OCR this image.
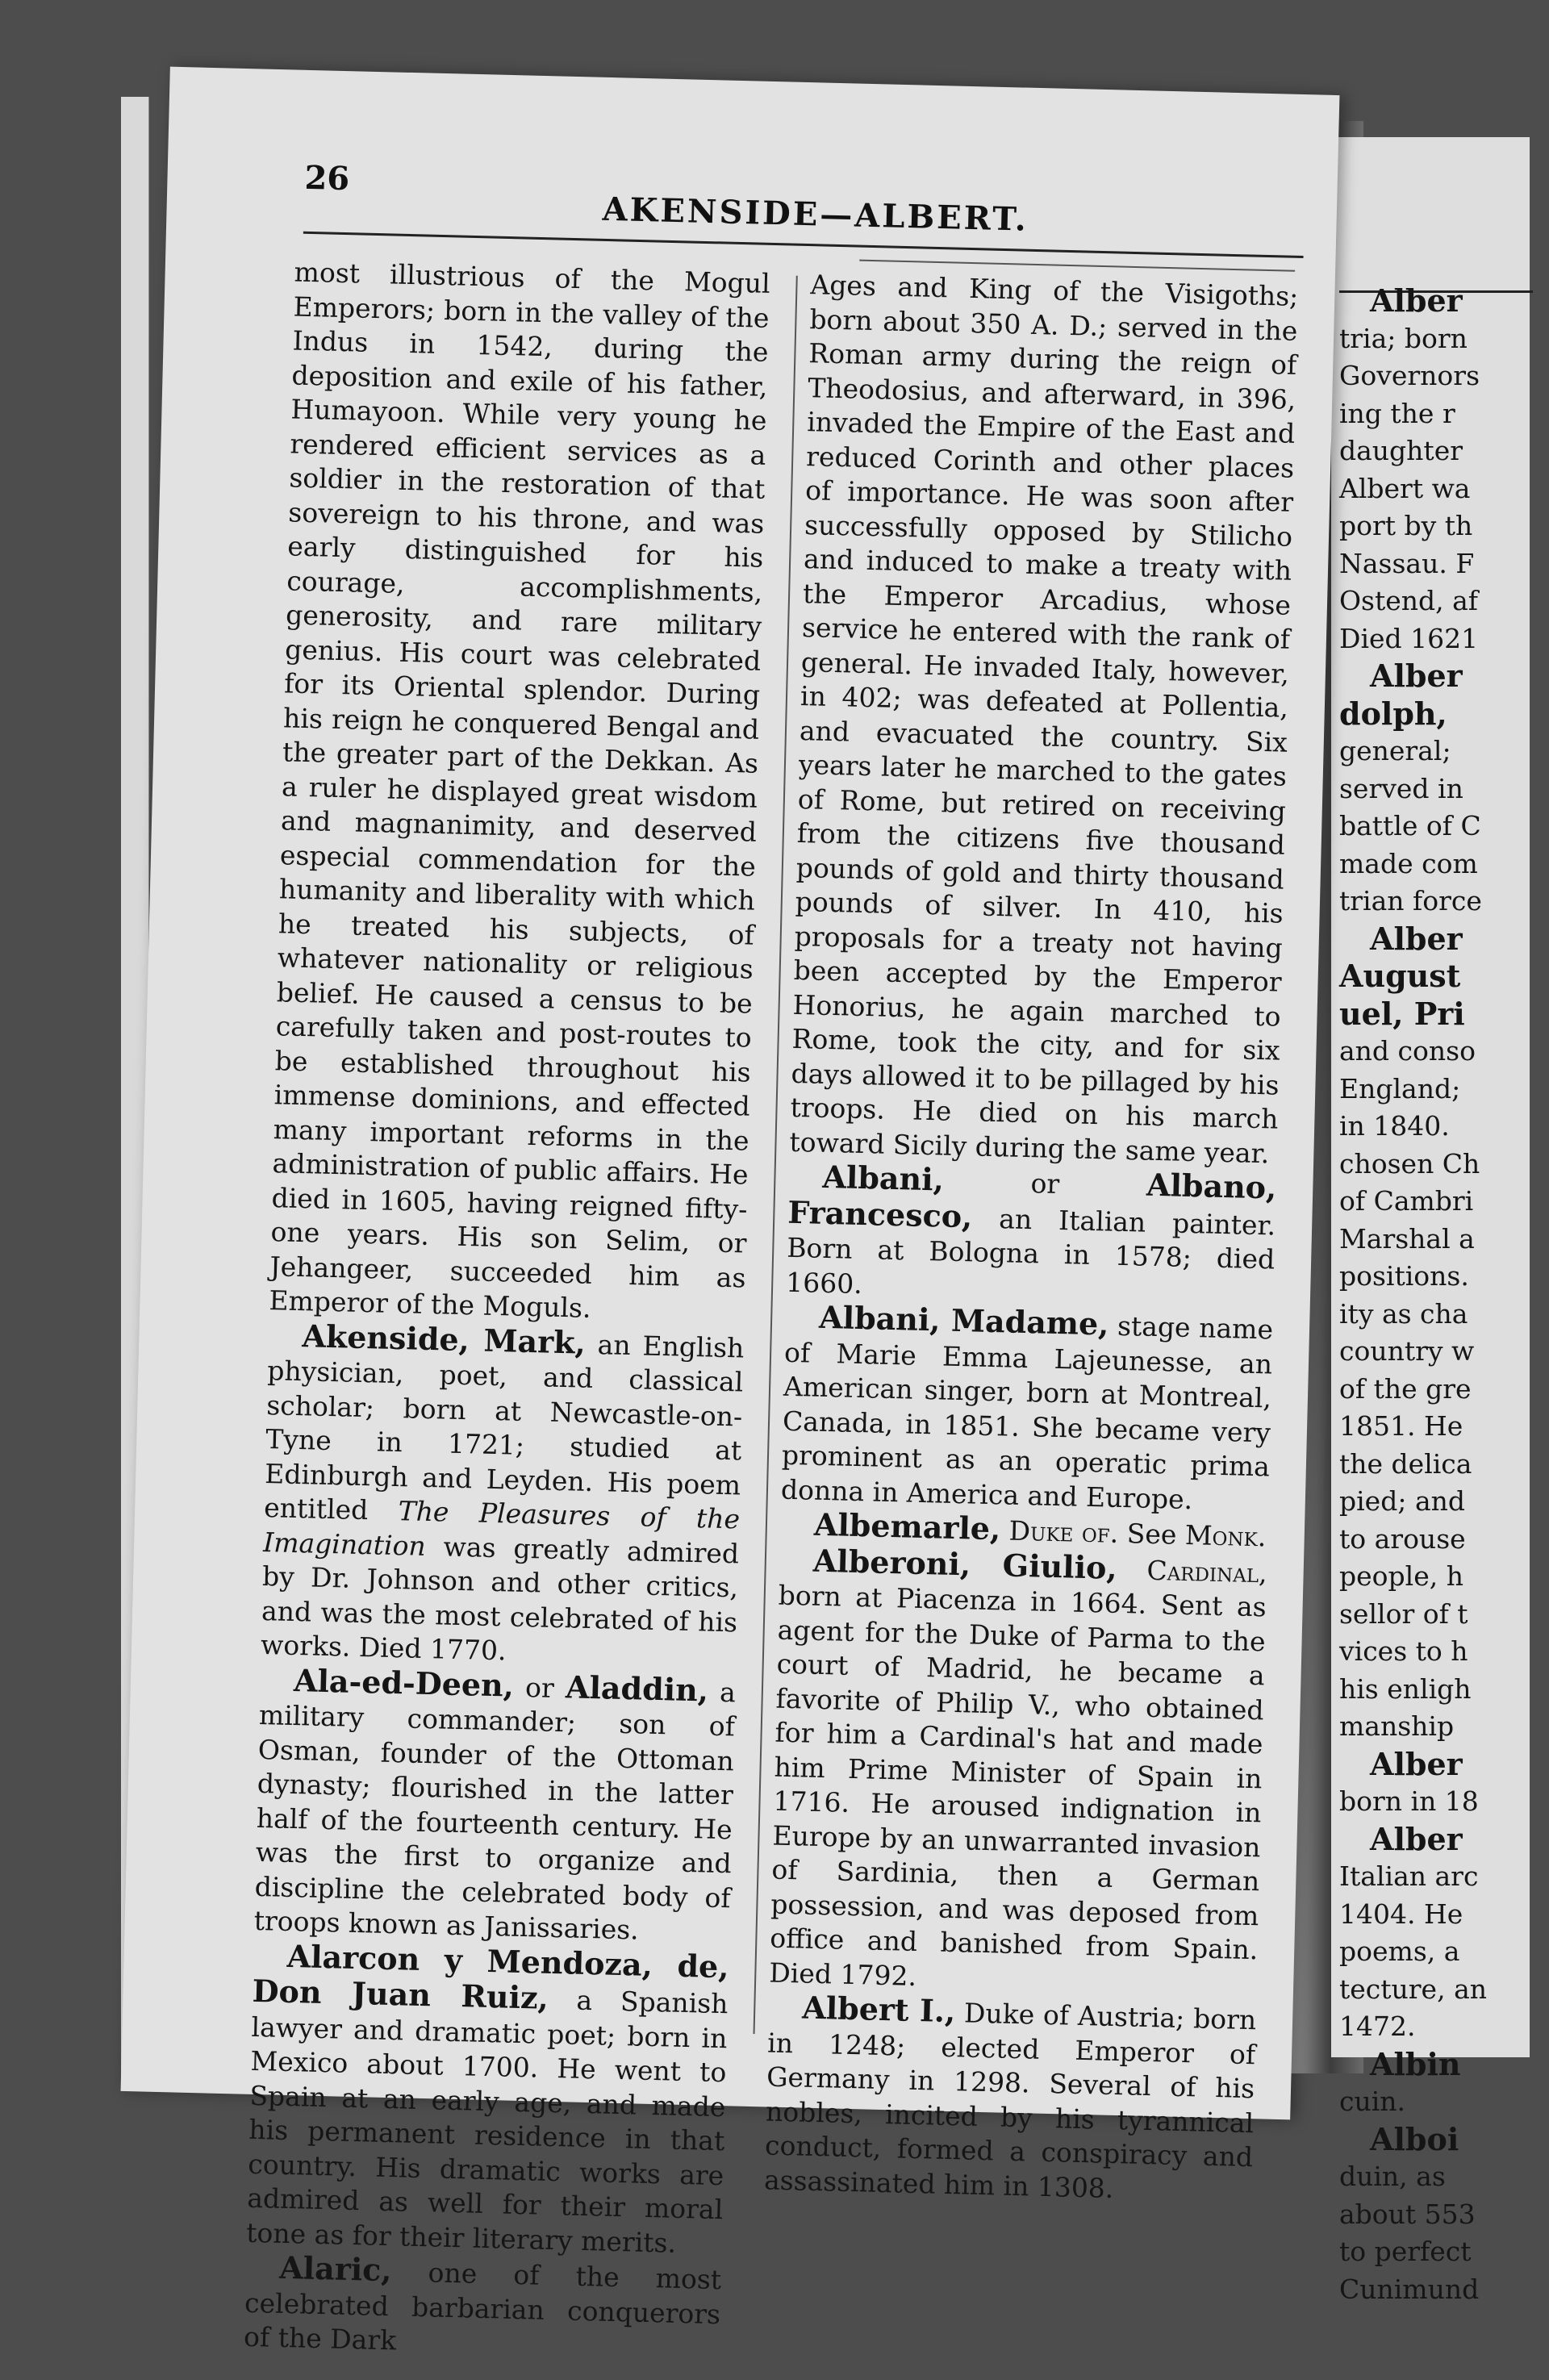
Alber
tria; born
Governors
ing the r
daughter
Albert wa
port by th
Nassau. F
Ostend, af
Died 1621
Alber
dolph,
general;
served in
battle of C
made com
trian force
Alber
August
uel, Pri
and conso
England;
in 1840.
chosen Ch
of Cambri
Marshal a
positions.
ity as cha
country w
of the gre
1851. He
the delica
pied; and
to arouse
people, h
sellor of t
vices to h
his enligh
manship
Alber
born in 18
Alber
Italian arc
1404. He
poems, a
tecture, an
1472.
Albin
cuin.
Alboi
duin, as
about 553
to perfect
Cunimund
26
AKENSIDE—ALBERT.

most illustrious of the Mogul Emperors; born in the valley of the Indus in 1542, during the deposition and exile of his father, Humayoon. While very young he rendered efficient services as a soldier in the restoration of that sovereign to his throne, and was early distinguished for his courage, accomplishments, generosity, and rare military genius. His court was celebrated for its Oriental splendor. During his reign he conquered Bengal and the greater part of the Dekkan. As a ruler he displayed great wisdom and magnanimity, and deserved especial commendation for the humanity and liberality with which he treated his subjects, of whatever nationality or religious belief. He caused a census to be carefully taken and post-routes to be established throughout his immense dominions, and effected many important reforms in the administration of public affairs. He died in 1605, having reigned fifty-one years. His son Selim, or Jehangeer, succeeded him as Emperor of the Moguls.

Akenside, Mark, an English physician, poet, and classical scholar; born at Newcastle-on-Tyne in 1721; studied at Edinburgh and Leyden. His poem entitled The Pleasures of the Imagination was greatly admired by Dr. Johnson and other critics, and was the most celebrated of his works. Died 1770.

Ala-ed-Deen, or Aladdin, a military commander; son of Osman, founder of the Ottoman dynasty; flourished in the latter half of the fourteenth century. He was the first to organize and discipline the celebrated body of troops known as Janissaries.

Alarcon y Mendoza, de, Don Juan Ruiz, a Spanish lawyer and dramatic poet; born in Mexico about 1700. He went to Spain at an early age, and made his permanent residence in that country. His dramatic works are admired as well for their moral tone as for their literary merits.

Alaric, one of the most celebrated barbarian conquerors of the Dark

Ages and King of the Visigoths; born about 350 A. D.; served in the Roman army during the reign of Theodosius, and afterward, in 396, invaded the Empire of the East and reduced Corinth and other places of importance. He was soon after successfully opposed by Stilicho and induced to make a treaty with the Emperor Arcadius, whose service he entered with the rank of general. He invaded Italy, however, in 402; was defeated at Pollentia, and evacuated the country. Six years later he marched to the gates of Rome, but retired on receiving from the citizens five thousand pounds of gold and thirty thousand pounds of silver. In 410, his proposals for a treaty not having been accepted by the Emperor Honorius, he again marched to Rome, took the city, and for six days allowed it to be pillaged by his troops. He died on his march toward Sicily during the same year.

Albani, or Albano, Francesco, an Italian painter. Born at Bologna in 1578; died 1660.

Albani, Madame, stage name of Marie Emma Lajeunesse, an American singer, born at Montreal, Canada, in 1851. She became very prominent as an operatic prima donna in America and Europe.

Albemarle, Duke of. See Monk.

Alberoni, Giulio, Cardinal, born at Piacenza in 1664. Sent as agent for the Duke of Parma to the court of Madrid, he became a favorite of Philip V., who obtained for him a Cardinal's hat and made him Prime Minister of Spain in 1716. He aroused indignation in Europe by an unwarranted invasion of Sardinia, then a German possession, and was deposed from office and banished from Spain. Died 1792.

Albert I., Duke of Austria; born in 1248; elected Emperor of Germany in 1298. Several of his nobles, incited by his tyrannical conduct, formed a conspiracy and assassinated him in 1308.
